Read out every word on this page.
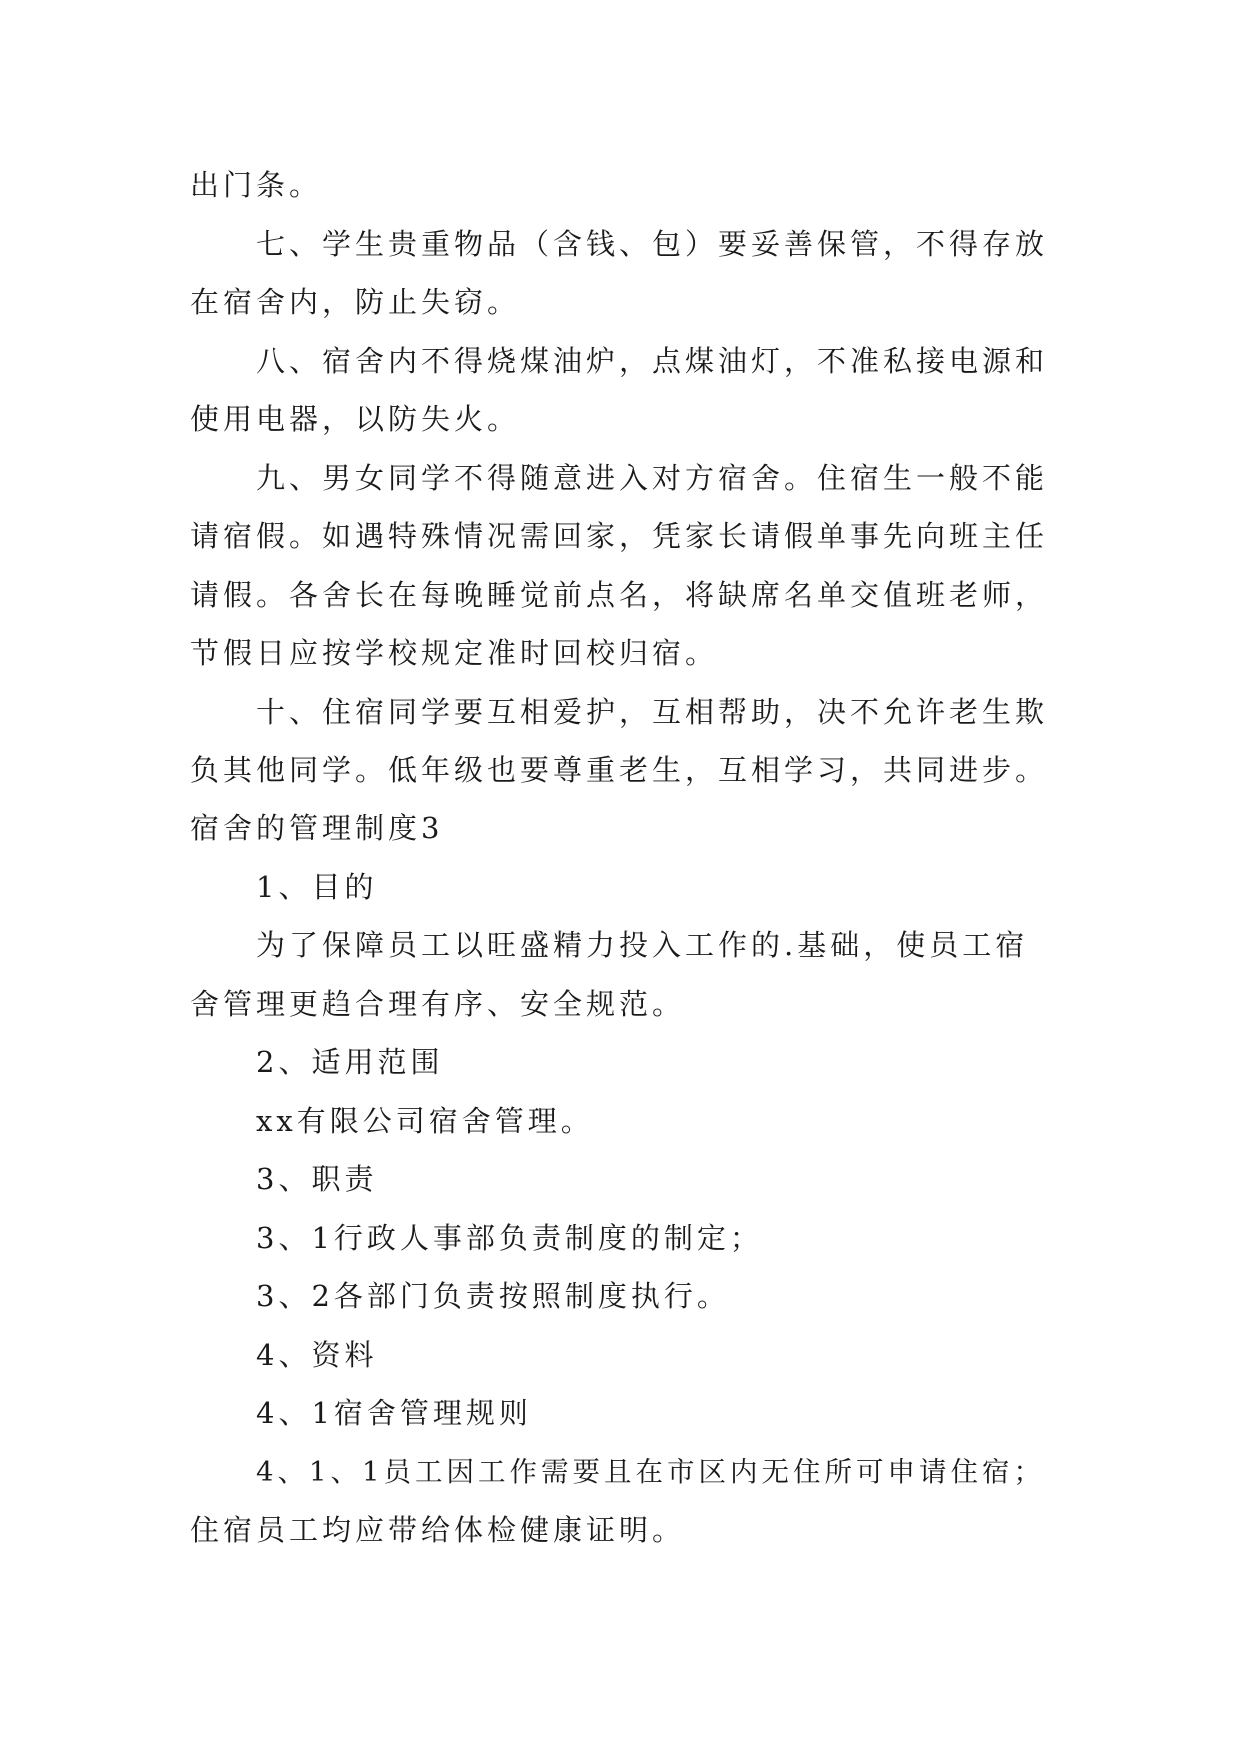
出门条。

七、学生贵重物品（含钱、包）要妥善保管，不得存放

在宿舍内，防止失窃。

八、宿舍内不得烧煤油炉，点煤油灯，不准私接电源和

使用电器，以防失火。

九、男女同学不得随意进入对方宿舍。住宿生一般不能

请宿假。如遇特殊情况需回家，凭家长请假单事先向班主任

请假。各舍长在每晚睡觉前点名，将缺席名单交值班老师，

节假日应按学校规定准时回校归宿。

十、住宿同学要互相爱护，互相帮助，决不允许老生欺

负其他同学。低年级也要尊重老生，互相学习，共同进步。

宿舍的管理制度3

1、目的

为了保障员工以旺盛精力投入工作的.基础，使员工宿

舍管理更趋合理有序、安全规范。

2、适用范围

xx有限公司宿舍管理。

3、职责

3、1行政人事部负责制度的制定；

3、2各部门负责按照制度执行。

4、资料

4、1宿舍管理规则

4、1、1员工因工作需要且在市区内无住所可申请住宿；

住宿员工均应带给体检健康证明。
